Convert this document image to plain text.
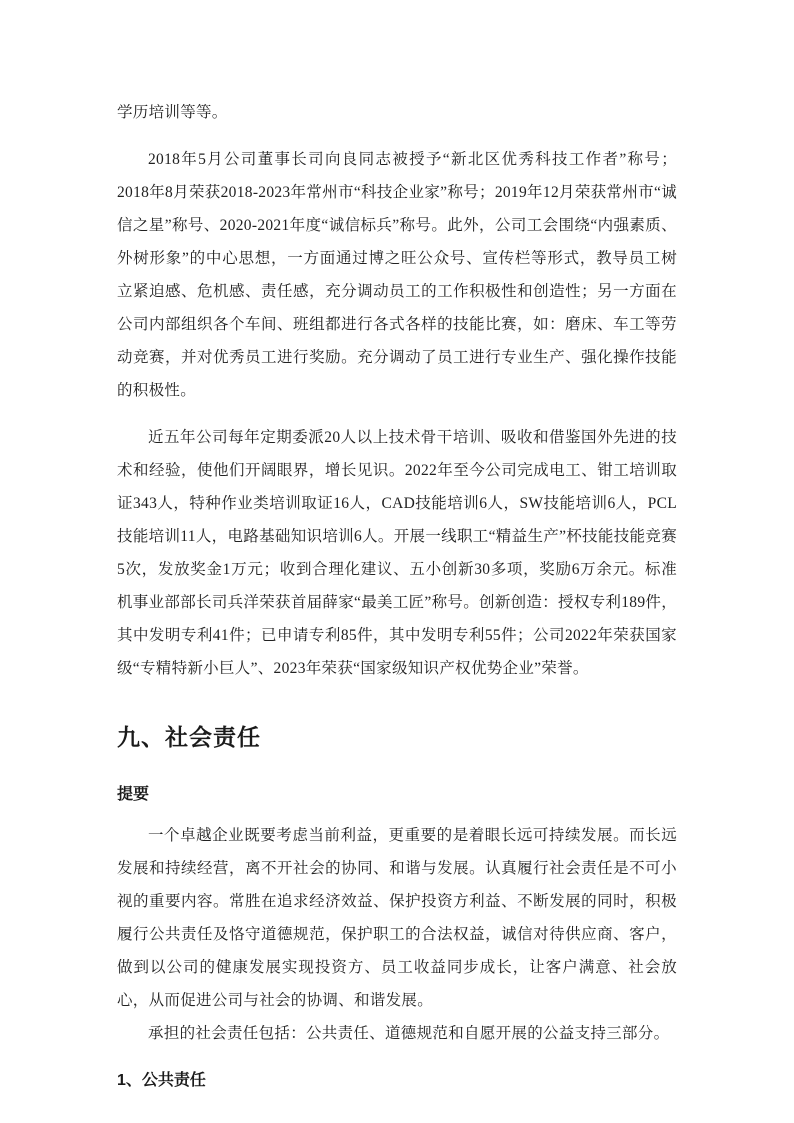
学历培训等等。

2018年5月公司董事长司向良同志被授予“新北区优秀科技工作者”称号；2018年8月荣获2018-2023年常州市“科技企业家”称号；2019年12月荣获常州市“诚信之星”称号、2020-2021年度“诚信标兵”称号。此外，公司工会围绕“内强素质、外树形象”的中心思想，一方面通过博之旺公众号、宣传栏等形式，教导员工树立紧迫感、危机感、责任感，充分调动员工的工作积极性和创造性；另一方面在公司内部组织各个车间、班组都进行各式各样的技能比赛，如：磨床、车工等劳动竞赛，并对优秀员工进行奖励。充分调动了员工进行专业生产、强化操作技能的积极性。

近五年公司每年定期委派20人以上技术骨干培训、吸收和借鉴国外先进的技术和经验，使他们开阔眼界，增长见识。2022年至今公司完成电工、钳工培训取证343人，特种作业类培训取证16人，CAD技能培训6人，SW技能培训6人，PCL技能培训11人，电路基础知识培训6人。开展一线职工“精益生产”杯技能技能竞赛5次，发放奖金1万元；收到合理化建议、五小创新30多项，奖励6万余元。标准机事业部部长司兵洋荣获首届薛家“最美工匠”称号。创新创造：授权专利189件，其中发明专利41件；已申请专利85件，其中发明专利55件；公司2022年荣获国家级“专精特新小巨人”、2023年荣获“国家级知识产权优势企业”荣誉。

九、社会责任
提要

一个卓越企业既要考虑当前利益，更重要的是着眼长远可持续发展。而长远发展和持续经营，离不开社会的协同、和谐与发展。认真履行社会责任是不可小视的重要内容。常胜在追求经济效益、保护投资方利益、不断发展的同时，积极履行公共责任及恪守道德规范，保护职工的合法权益，诚信对待供应商、客户，做到以公司的健康发展实现投资方、员工收益同步成长，让客户满意、社会放心，从而促进公司与社会的协调、和谐发展。

承担的社会责任包括：公共责任、道德规范和自愿开展的公益支持三部分。

1、公共责任
